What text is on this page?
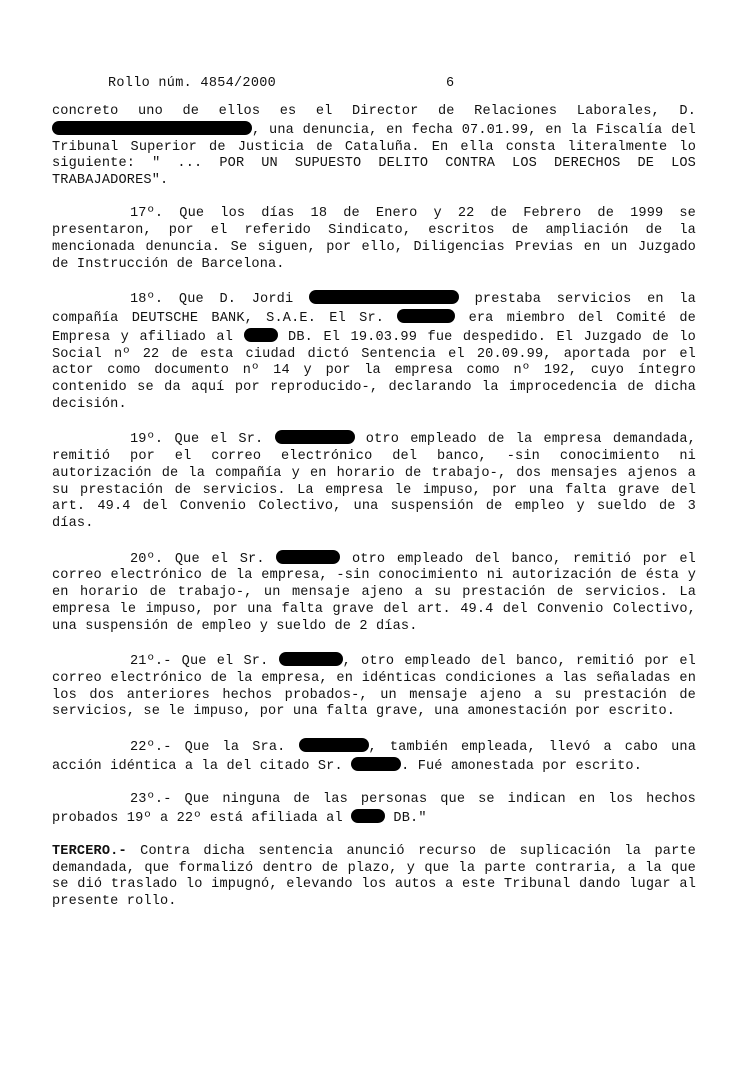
Rollo núm. 4854/2000	6

concreto uno de ellos es el Director de Relaciones Laborales, D. , una denuncia, en fecha 07.01.99, en la Fiscalía del Tribunal Superior de Justicia de Cataluña. En ella consta literalmente lo siguiente: " ... POR UN SUPUESTO DELITO CONTRA LOS DERECHOS DE LOS TRABAJADORES".

17º. Que los días 18 de Enero y 22 de Febrero de 1999 se presentaron, por el referido Sindicato, escritos de ampliación de la mencionada denuncia. Se siguen, por ello, Diligencias Previas en un Juzgado de Instrucción de Barcelona.

18º. Que D. Jordi	prestaba servicios en la compañía DEUTSCHE BANK, S.A.E. El Sr.	era miembro del Comité de Empresa y afiliado al	DB. El 19.03.99 fue despedido. El Juzgado de lo Social nº 22 de esta ciudad dictó Sentencia el 20.09.99, aportada por el actor como documento nº 14 y por la empresa como nº 192, cuyo íntegro contenido se da aquí por reproducido-, declarando la improcedencia de dicha decisión.

19º. Que el Sr.	otro empleado de la empresa demandada, remitió por el correo electrónico del banco, -sin conocimiento ni autorización de la compañía y en horario de trabajo-, dos mensajes ajenos a su prestación de servicios. La empresa le impuso, por una falta grave del art. 49.4 del Convenio Colectivo, una suspensión de empleo y sueldo de 3 días.

20º. Que el Sr.	otro empleado del banco, remitió por el correo electrónico de la empresa, -sin conocimiento ni autorización de ésta y en horario de trabajo-, un mensaje ajeno a su prestación de servicios. La empresa le impuso, por una falta grave del art. 49.4 del Convenio Colectivo, una suspensión de empleo y sueldo de 2 días.

21º.- Que el Sr.	, otro empleado del banco, remitió por el correo electrónico de la empresa, en idénticas condiciones a las señaladas en los dos anteriores hechos probados-, un mensaje ajeno a su prestación de servicios, se le impuso, por una falta grave, una amonestación por escrito.

22º.- Que la Sra.	, también empleada, llevó a cabo una acción idéntica a la del citado Sr.	. Fué amonestada por escrito.

23º.- Que ninguna de las personas que se indican en los hechos probados 19º a 22º está afiliada al	DB."

TERCERO.- Contra dicha sentencia anunció recurso de suplicación la parte demandada, que formalizó dentro de plazo, y que la parte contraria, a la que se dió traslado lo impugnó, elevando los autos a este Tribunal dando lugar al presente rollo.
